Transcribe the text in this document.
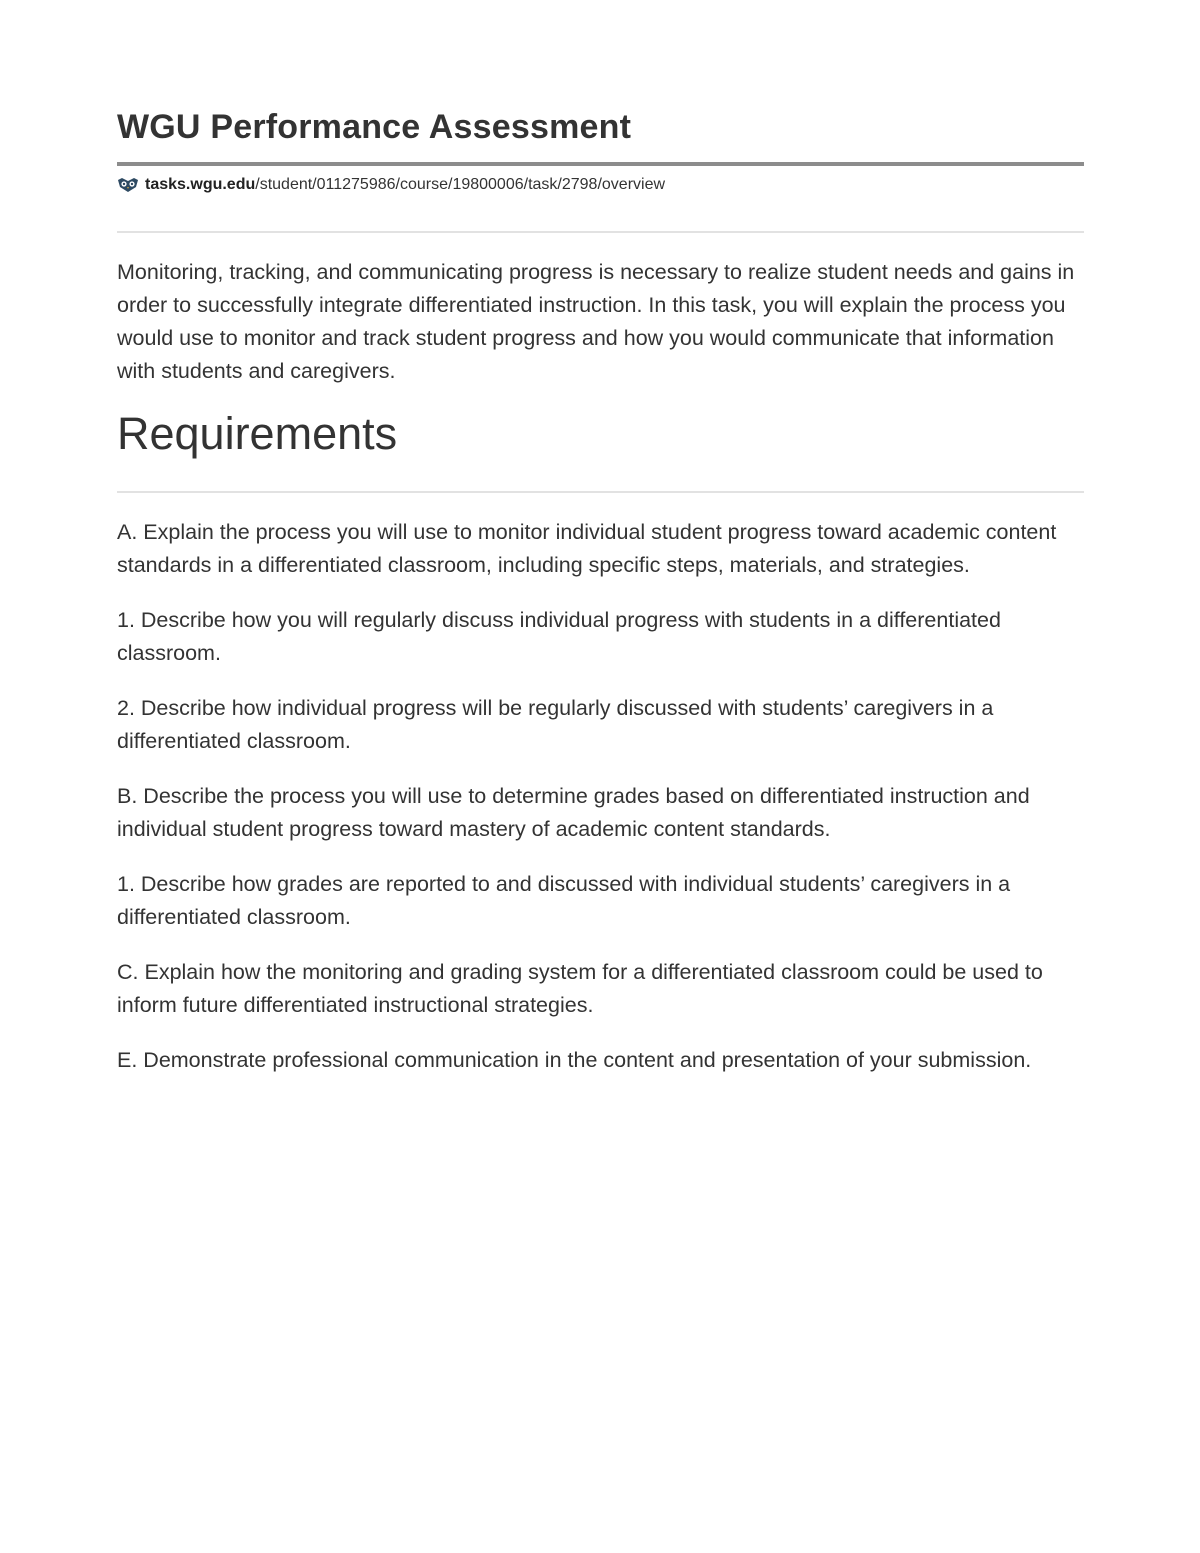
WGU Performance Assessment
tasks.wgu.edu /student/011275986/course/19800006/task/2798/overview

Monitoring, tracking, and communicating progress is necessary to realize student needs and gains in order to successfully integrate differentiated instruction. In this task, you will explain the process you would use to monitor and track student progress and how you would communicate that information with students and caregivers.

Requirements

A. Explain the process you will use to monitor individual student progress toward academic content standards in a differentiated classroom, including specific steps, materials, and strategies.

1. Describe how you will regularly discuss individual progress with students in a differentiated classroom.

2. Describe how individual progress will be regularly discussed with students’ caregivers in a differentiated classroom.

B. Describe the process you will use to determine grades based on differentiated instruction and individual student progress toward mastery of academic content standards.

1. Describe how grades are reported to and discussed with individual students’ caregivers in a differentiated classroom.

C. Explain how the monitoring and grading system for a differentiated classroom could be used to inform future differentiated instructional strategies.

E. Demonstrate professional communication in the content and presentation of your submission.
